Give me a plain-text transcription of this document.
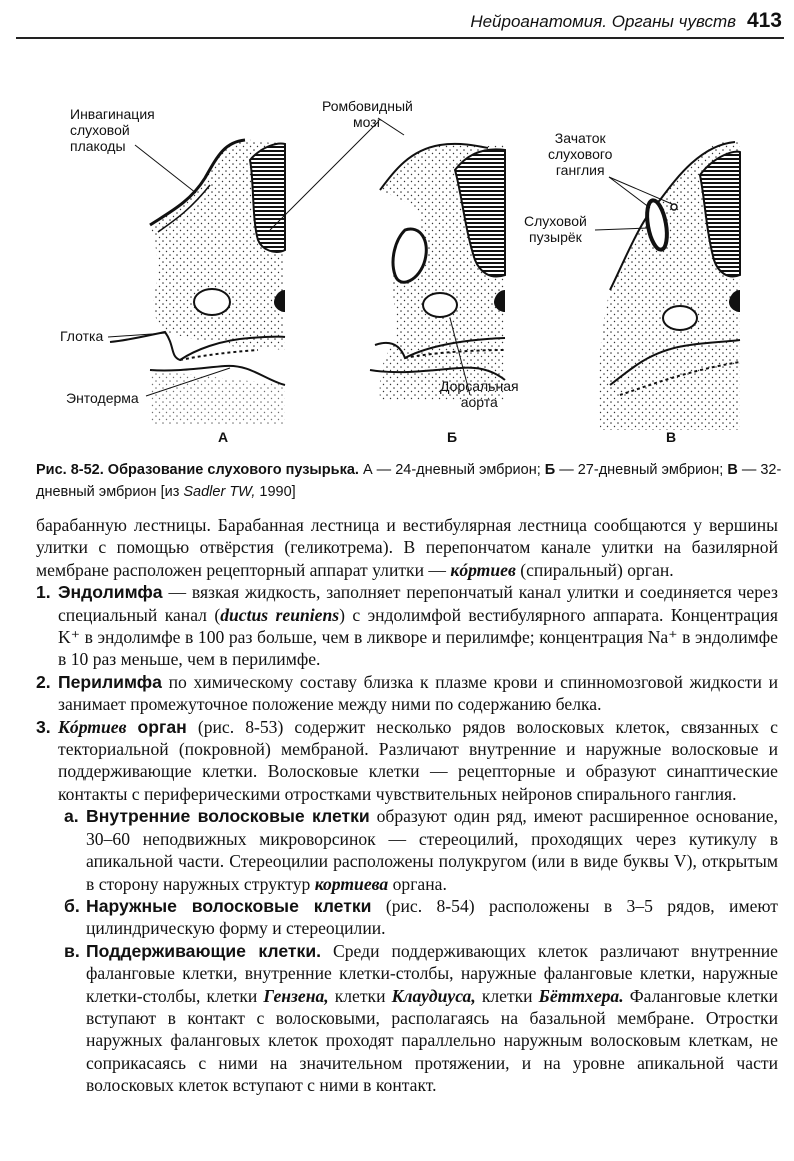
Нейроанатомия. Органы чувств 413
Инвагинация
слуховой
плакоды
Ромбовидный
мозг
Зачаток
слухового
ганглия
Слуховой
пузырёк
Глотка
Энтодерма
Дорсальная
аорта
А	Б	В
Рис. 8-52. Образование слухового пузырька. А — 24-дневный эмбрион; Б — 27-дневный эмбрион; В — 32-дневный эмбрион [из Sadler TW, 1990]

барабанную лестницы. Барабанная лестница и вестибулярная лестница сообщаются у вершины улитки с помощью отвёрстия (геликотрема). В перепончатом канале улитки на базилярной мембране расположен рецепторный аппарат улитки — кóртиев (спиральный) орган.

1. Эндолимфа — вязкая жидкость, заполняет перепончатый канал улитки и соединяется через специальный канал (ductus reuniens) с эндолимфой вестибулярного аппарата. Концентрация K⁺ в эндолимфе в 100 раз больше, чем в ликворе и перилимфе; концентрация Na⁺ в эндолимфе в 10 раз меньше, чем в перилимфе.

2. Перилимфа по химическому составу близка к плазме крови и спинномозговой жидкости и занимает промежуточное положение между ними по содержанию белка.

3. Кóртиев орган (рис. 8-53) содержит несколько рядов волосковых клеток, связанных с текториальной (покровной) мембраной. Различают внутренние и наружные волосковые и поддерживающие клетки. Волосковые клетки — рецепторные и образуют синаптические контакты с периферическими отростками чувствительных нейронов спирального ганглия.

а. Внутренние волосковые клетки образуют один ряд, имеют расширенное основание, 30–60 неподвижных микроворсинок — стереоцилий, проходящих через кутикулу в апикальной части. Стереоцилии расположены полукругом (или в виде буквы V), открытым в сторону наружных структур кортиева органа.

б. Наружные волосковые клетки (рис. 8-54) расположены в 3–5 рядов, имеют цилиндрическую форму и стереоцилии.

в. Поддерживающие клетки. Среди поддерживающих клеток различают внутренние фаланговые клетки, внутренние клетки-столбы, наружные фаланговые клетки, наружные клетки-столбы, клетки Гензена, клетки Клаудиуса, клетки Бёттхера. Фаланговые клетки вступают в контакт с волосковыми, располагаясь на базальной мембране. Отростки наружных фаланговых клеток проходят параллельно наружным волосковым клеткам, не соприкасаясь с ними на значительном протяжении, и на уровне апикальной части волосковых клеток вступают с ними в контакт.
